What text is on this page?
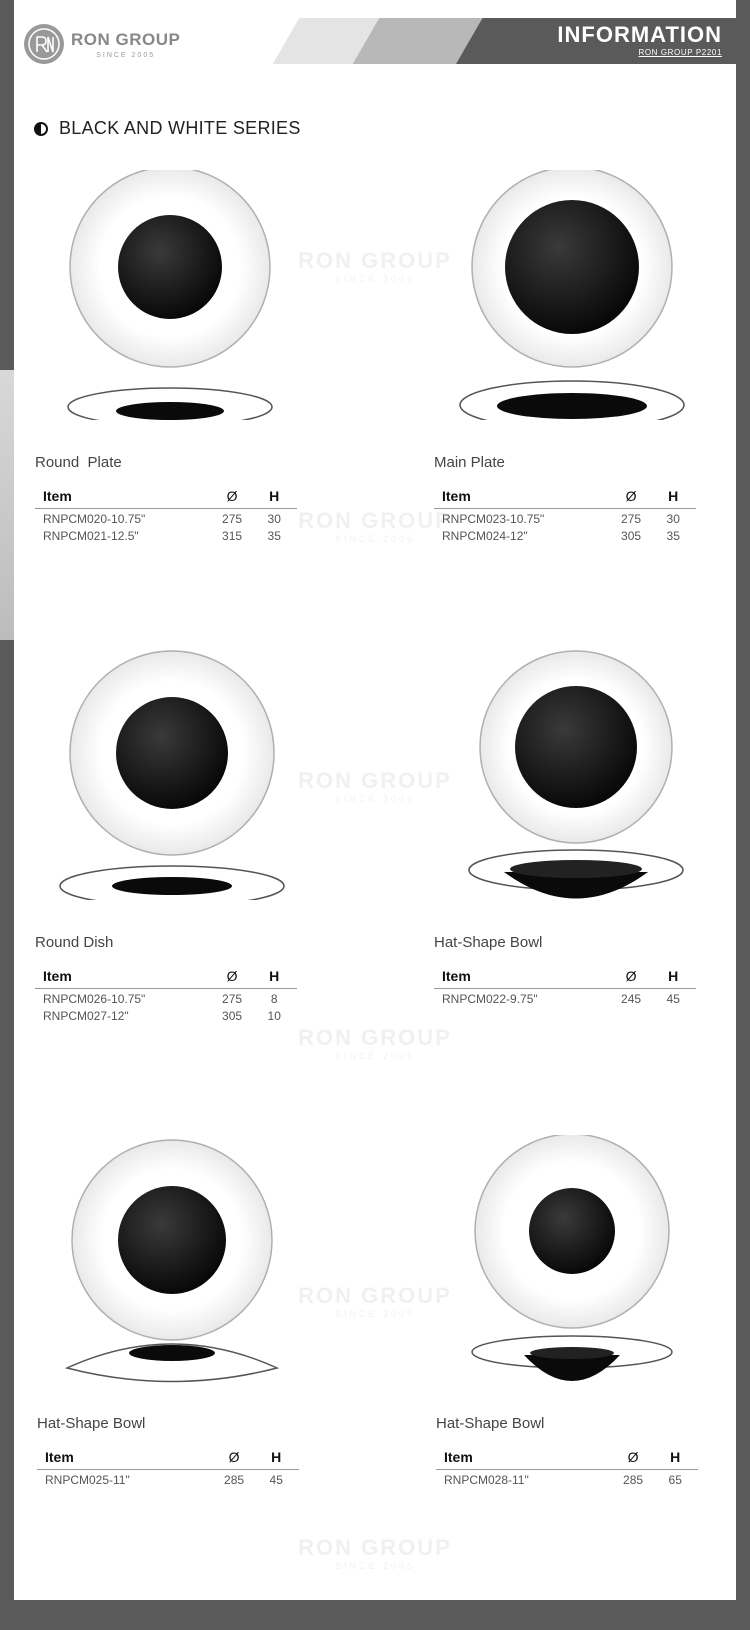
INFORMATION
RON GROUP P2201
RON GROUP
SINCE 2005
BLACK AND WHITE SERIES
Round  Plate
Item	Ø	H
RNPCM020-10.75"	275	30
RNPCM021-12.5"	315	35
Main Plate
Item	Ø	H
RNPCM023-10.75"	275	30
RNPCM024-12"	305	35
Round Dish
Item	Ø	H
RNPCM026-10.75"	275	8
RNPCM027-12"	305	10
Hat-Shape Bowl
Item	Ø	H
RNPCM022-9.75"	245	45
Hat-Shape Bowl
Item	Ø	H
RNPCM025-11"	285	45
Hat-Shape Bowl
Item	Ø	H
RNPCM028-11"	285	65
